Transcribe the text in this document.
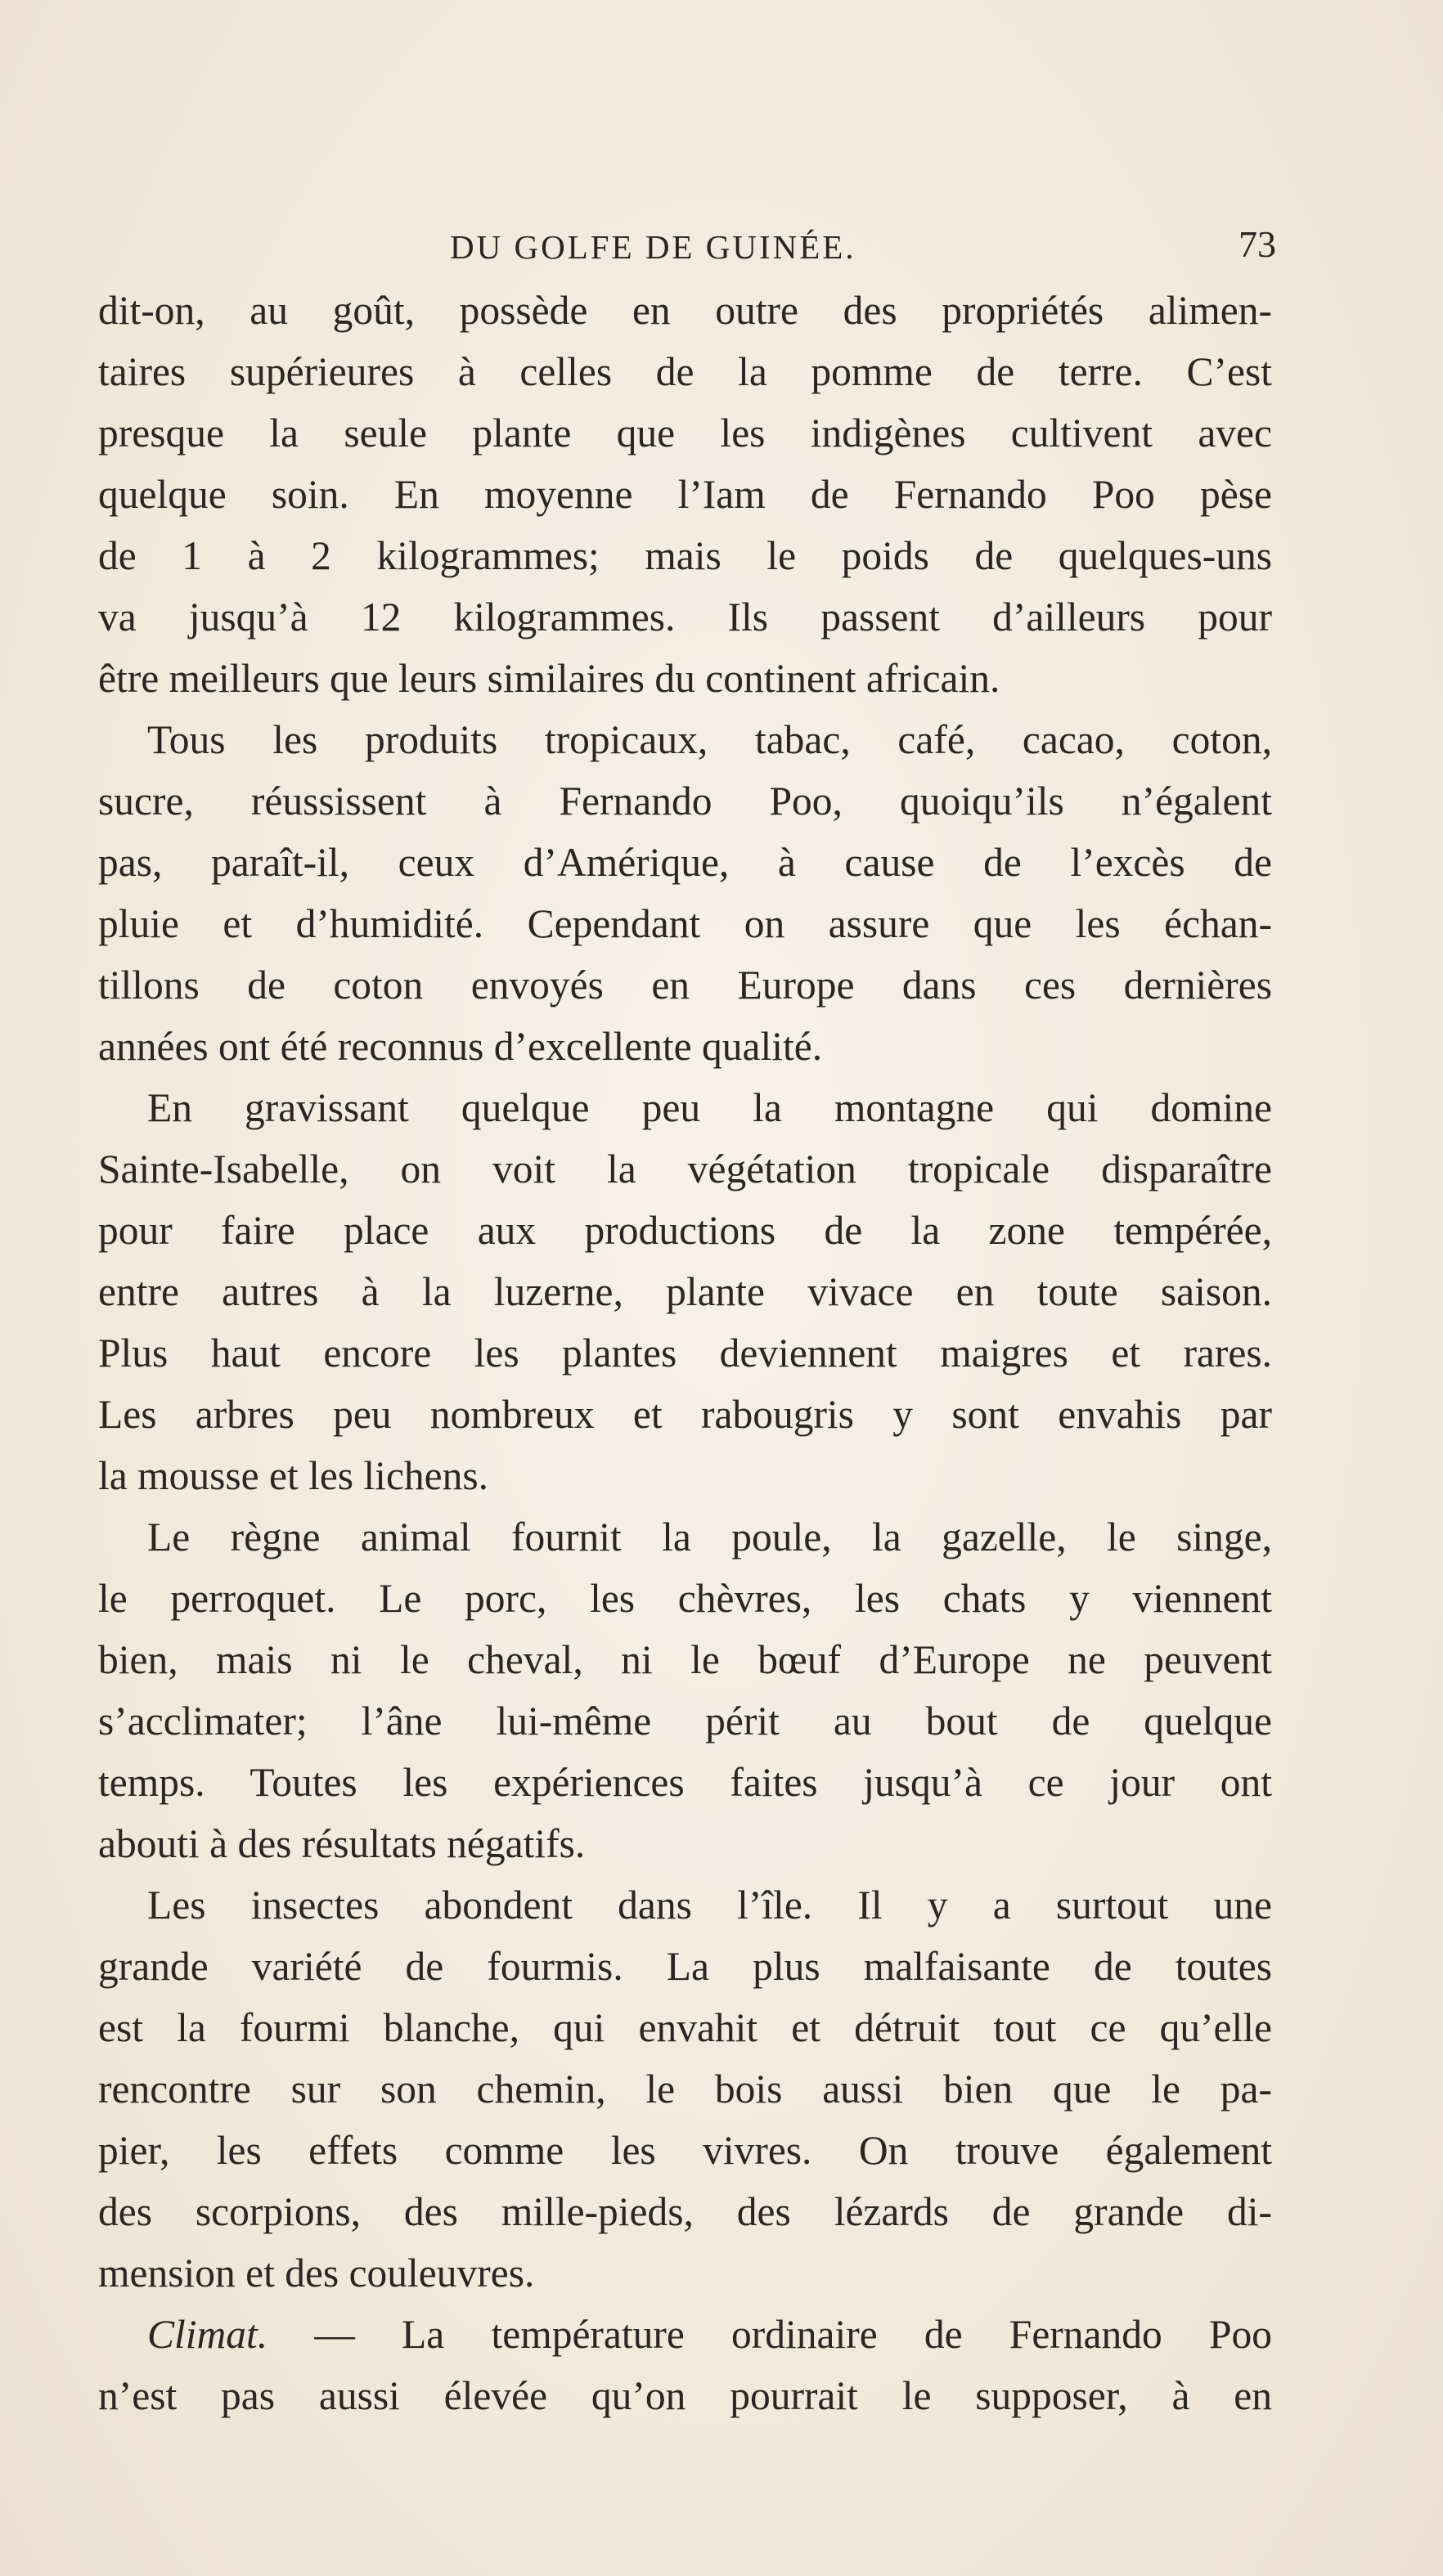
DU GOLFE DE GUINÉE.	73

dit-on, au goût, possède en outre des propriétés alimen-
taires supérieures à celles de la pomme de terre. C’est
presque la seule plante que les indigènes cultivent avec
quelque soin. En moyenne l’Iam de Fernando Poo pèse
de 1 à 2 kilogrammes; mais le poids de quelques-uns
va jusqu’à 12 kilogrammes. Ils passent d’ailleurs pour
être meilleurs que leurs similaires du continent africain.

Tous les produits tropicaux, tabac, café, cacao, coton,
sucre, réussissent à Fernando Poo, quoiqu’ils n’égalent
pas, paraît-il, ceux d’Amérique, à cause de l’excès de
pluie et d’humidité. Cependant on assure que les échan-
tillons de coton envoyés en Europe dans ces dernières
années ont été reconnus d’excellente qualité.

En gravissant quelque peu la montagne qui domine
Sainte-Isabelle, on voit la végétation tropicale disparaître
pour faire place aux productions de la zone tempérée,
entre autres à la luzerne, plante vivace en toute saison.
Plus haut encore les plantes deviennent maigres et rares.
Les arbres peu nombreux et rabougris y sont envahis par
la mousse et les lichens.

Le règne animal fournit la poule, la gazelle, le singe,
le perroquet. Le porc, les chèvres, les chats y viennent
bien, mais ni le cheval, ni le bœuf d’Europe ne peuvent
s’acclimater; l’âne lui-même périt au bout de quelque
temps. Toutes les expériences faites jusqu’à ce jour ont
abouti à des résultats négatifs.

Les insectes abondent dans l’île. Il y a surtout une
grande variété de fourmis. La plus malfaisante de toutes
est la fourmi blanche, qui envahit et détruit tout ce qu’elle
rencontre sur son chemin, le bois aussi bien que le pa-
pier, les effets comme les vivres. On trouve également
des scorpions, des mille-pieds, des lézards de grande di-
mension et des couleuvres.

Climat. — La température ordinaire de Fernando Poo
n’est pas aussi élevée qu’on pourrait le supposer, à en
